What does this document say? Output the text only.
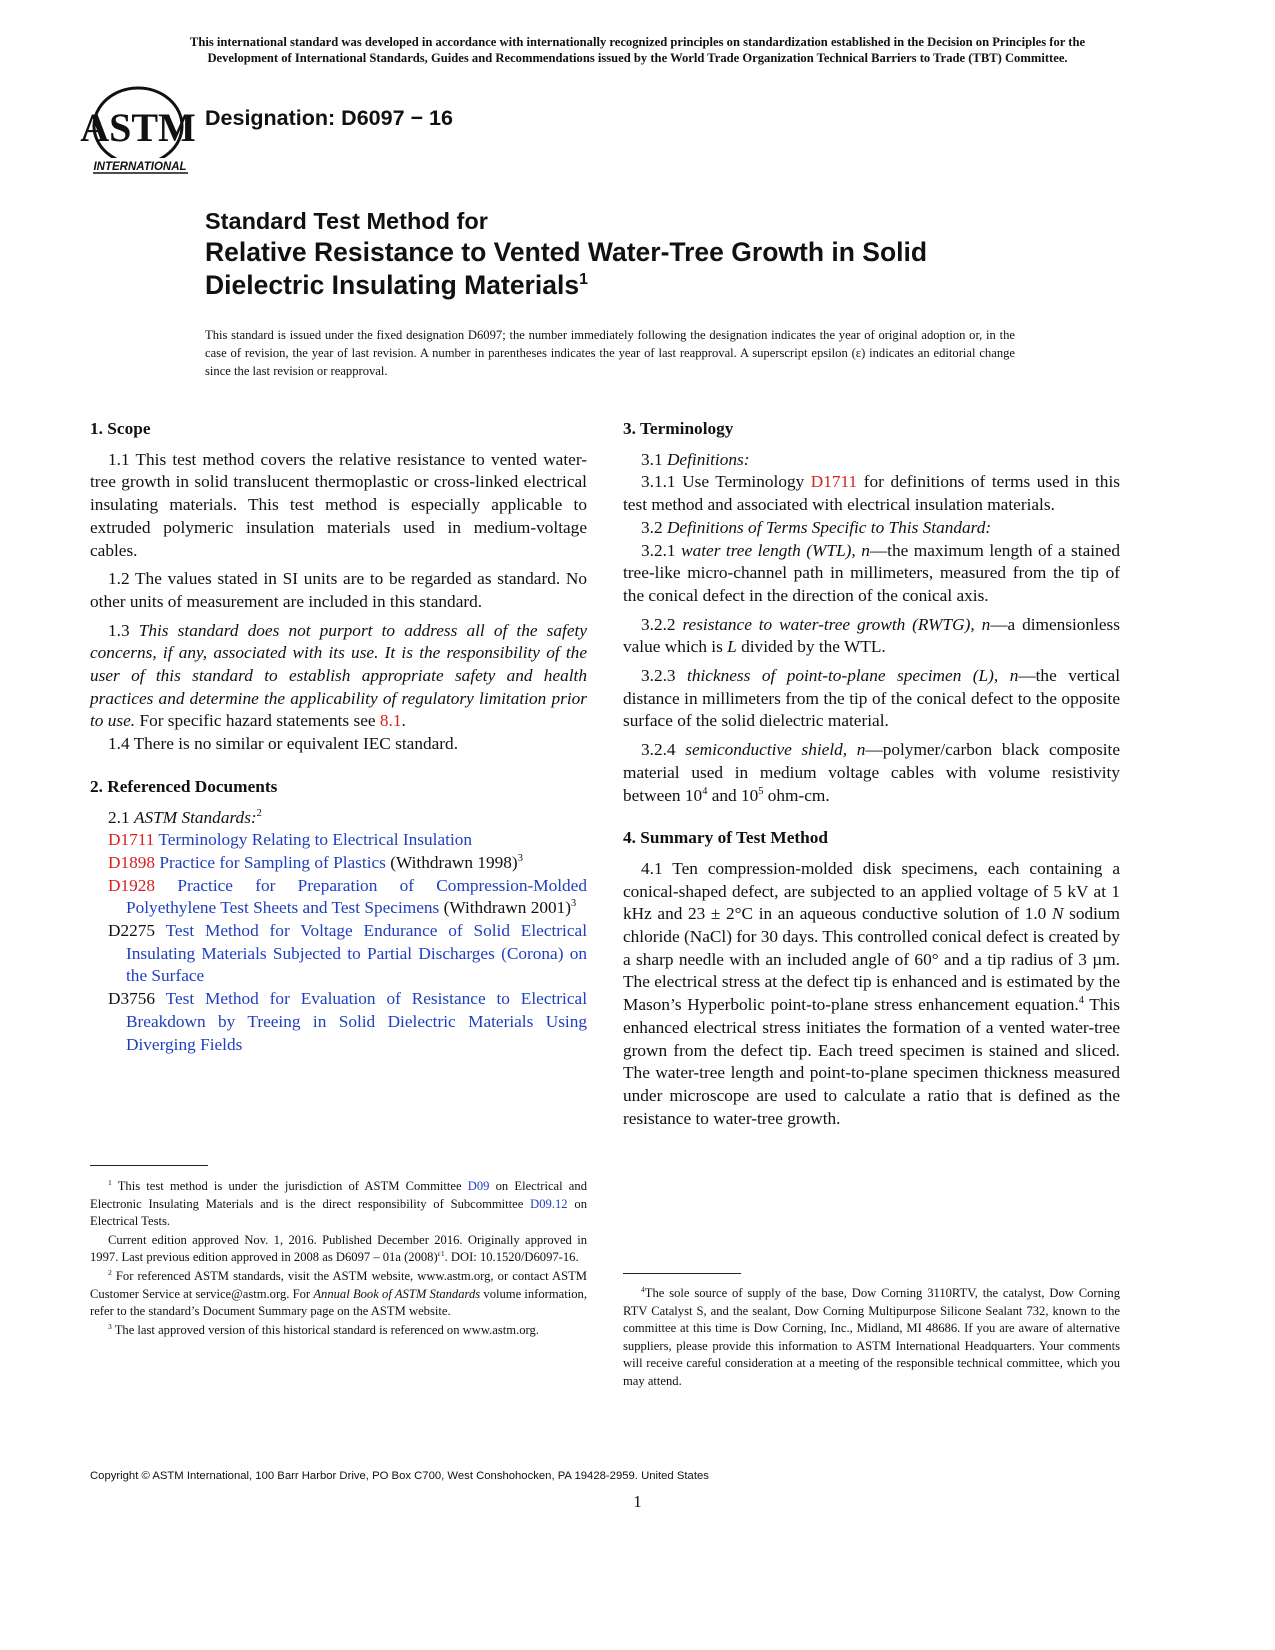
This international standard was developed in accordance with internationally recognized principles on standardization established in the Decision on Principles for the
Development of International Standards, Guides and Recommendations issued by the World Trade Organization Technical Barriers to Trade (TBT) Committee.
ASTM
INTERNATIONAL
Designation: D6097 − 16
Standard Test Method for
Relative Resistance to Vented Water-Tree Growth in Solid
Dielectric Insulating Materials$^1$
This standard is issued under the fixed designation D6097; the number immediately following the designation indicates the year of original adoption or, in the case of revision, the year of last revision. A number in parentheses indicates the year of last reapproval. A superscript epsilon (ε) indicates an editorial change since the last revision or reapproval.
1. Scope

1.1 This test method covers the relative resistance to vented water-tree growth in solid translucent thermoplastic or cross-linked electrical insulating materials. This test method is especially applicable to extruded polymeric insulation materials used in medium-voltage cables.

1.2 The values stated in SI units are to be regarded as standard. No other units of measurement are included in this standard.

1.3 This standard does not purport to address all of the safety concerns, if any, associated with its use. It is the responsibility of the user of this standard to establish appropriate safety and health practices and determine the applicability of regulatory limitation prior to use. For specific hazard statements see 8.1.

1.4 There is no similar or equivalent IEC standard.

2. Referenced Documents

2.1 ASTM Standards:$^2$

D1711 Terminology Relating to Electrical Insulation

D1898 Practice for Sampling of Plastics (Withdrawn 1998)$^3$

D1928 Practice for Preparation of Compression-Molded Polyethylene Test Sheets and Test Specimens (Withdrawn 2001)$^3$

D2275 Test Method for Voltage Endurance of Solid Electrical Insulating Materials Subjected to Partial Discharges (Corona) on the Surface

D3756 Test Method for Evaluation of Resistance to Electrical Breakdown by Treeing in Solid Dielectric Materials Using Diverging Fields

$^1$ This test method is under the jurisdiction of ASTM Committee D09 on Electrical and Electronic Insulating Materials and is the direct responsibility of Subcommittee D09.12 on Electrical Tests.

Current edition approved Nov. 1, 2016. Published December 2016. Originally approved in 1997. Last previous edition approved in 2008 as D6097 – 01a $(2008)^{\varepsilon 1}$. DOI: 10.1520/D6097-16.

$^2$ For referenced ASTM standards, visit the ASTM website, www.astm.org, or contact ASTM Customer Service at service@astm.org. For Annual Book of ASTM Standards volume information, refer to the standard’s Document Summary page on the ASTM website.

$^3$ The last approved version of this historical standard is referenced on www.astm.org.

3. Terminology

3.1 Definitions:

3.1.1 Use Terminology D1711 for definitions of terms used in this test method and associated with electrical insulation materials.

3.2 Definitions of Terms Specific to This Standard:

3.2.1 water tree length (WTL), n—the maximum length of a stained tree-like micro-channel path in millimeters, measured from the tip of the conical defect in the direction of the conical axis.

3.2.2 resistance to water-tree growth (RWTG), n—a dimensionless value which is L divided by the WTL.

3.2.3 thickness of point-to-plane specimen (L), n—the vertical distance in millimeters from the tip of the conical defect to the opposite surface of the solid dielectric material.

3.2.4 semiconductive shield, n—polymer/carbon black composite material used in medium voltage cables with volume resistivity between $10^4$ and $10^5$ ohm-cm.

4. Summary of Test Method

4.1 Ten compression-molded disk specimens, each containing a conical-shaped defect, are subjected to an applied voltage of 5 kV at 1 kHz and 23 ± 2°C in an aqueous conductive solution of 1.0 N sodium chloride (NaCl) for 30 days. This controlled conical defect is created by a sharp needle with an included angle of 60° and a tip radius of 3 µm. The electrical stress at the defect tip is enhanced and is estimated by the Mason’s Hyperbolic point-to-plane stress enhancement equation.$^4$ This enhanced electrical stress initiates the formation of a vented water-tree grown from the defect tip. Each treed specimen is stained and sliced. The water-tree length and point-to-plane specimen thickness measured under microscope are used to calculate a ratio that is defined as the resistance to water-tree growth.

$^4$The sole source of supply of the base, Dow Corning 3110RTV, the catalyst, Dow Corning RTV Catalyst S, and the sealant, Dow Corning Multipurpose Silicone Sealant 732, known to the committee at this time is Dow Corning, Inc., Midland, MI 48686. If you are aware of alternative suppliers, please provide this information to ASTM International Headquarters. Your comments will receive careful consideration at a meeting of the responsible technical committee, which you may attend.

Copyright © ASTM International, 100 Barr Harbor Drive, PO Box C700, West Conshohocken, PA 19428-2959. United States
1
